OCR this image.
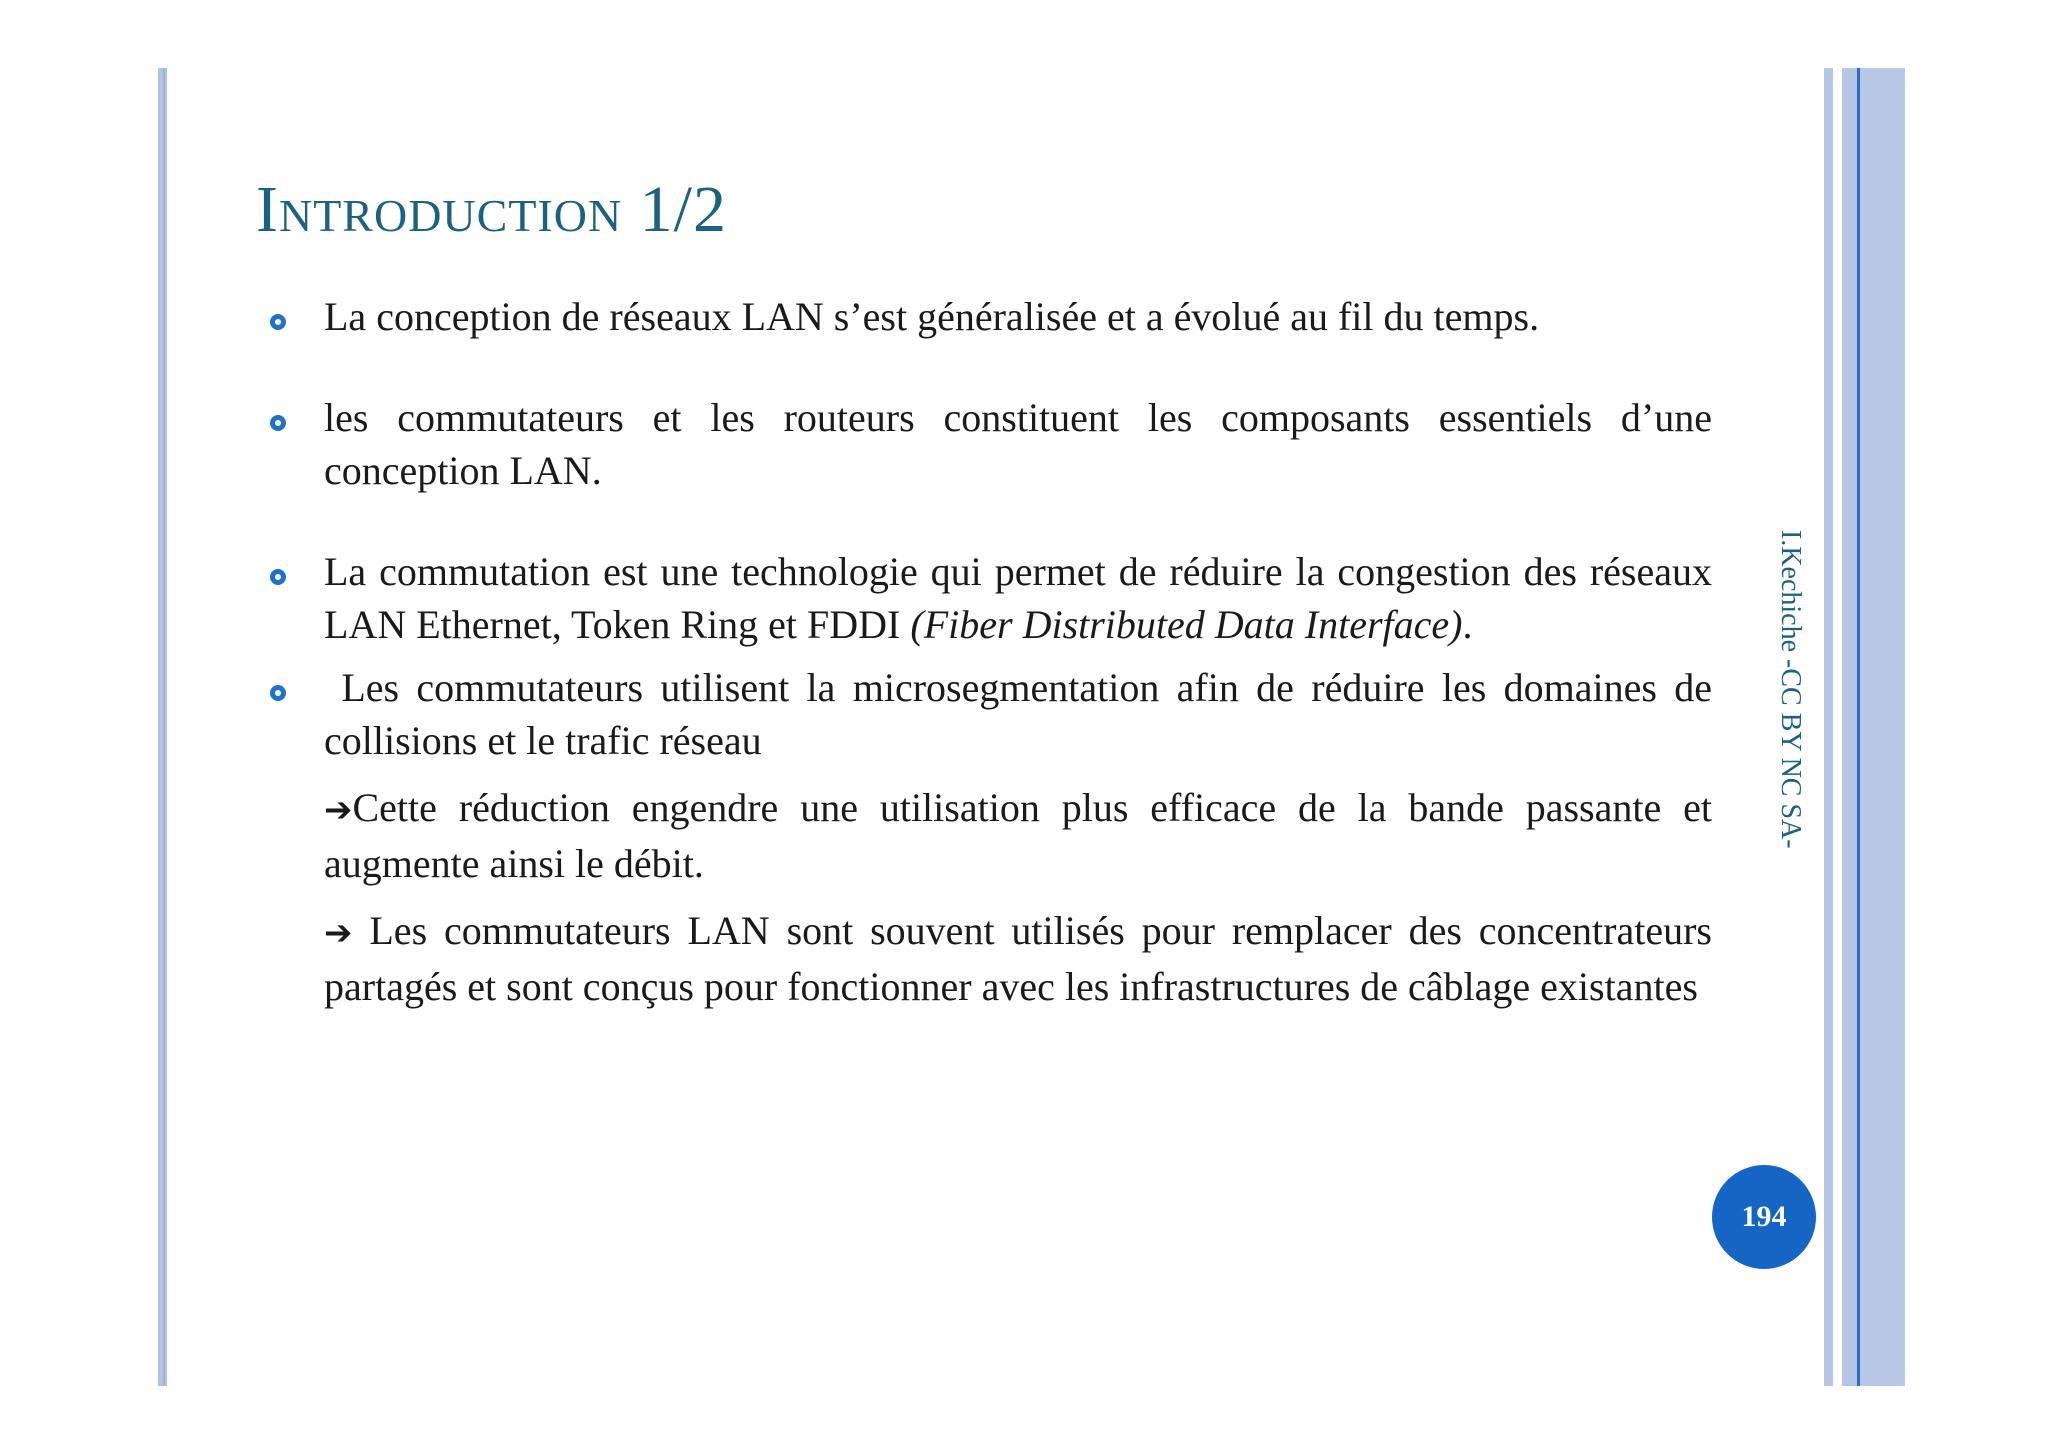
Introduction 1/2

La conception de réseaux LAN s’est généralisée et a évolué au fil du temps.

les commutateurs et les routeurs constituent les composants essentiels d’une conception LAN.

La commutation est une technologie qui permet de réduire la congestion des réseaux LAN Ethernet, Token Ring et FDDI (Fiber Distributed Data Interface).

Les commutateurs utilisent la microsegmentation afin de réduire les domaines de collisions et le trafic réseau

➔Cette réduction engendre une utilisation plus efficace de la bande passante et augmente ainsi le débit.

➔ Les commutateurs LAN sont souvent utilisés pour remplacer des concentrateurs partagés et sont conçus pour fonctionner avec les infrastructures de câblage existantes

I.Kechiche -CC BY NC SA-
194
